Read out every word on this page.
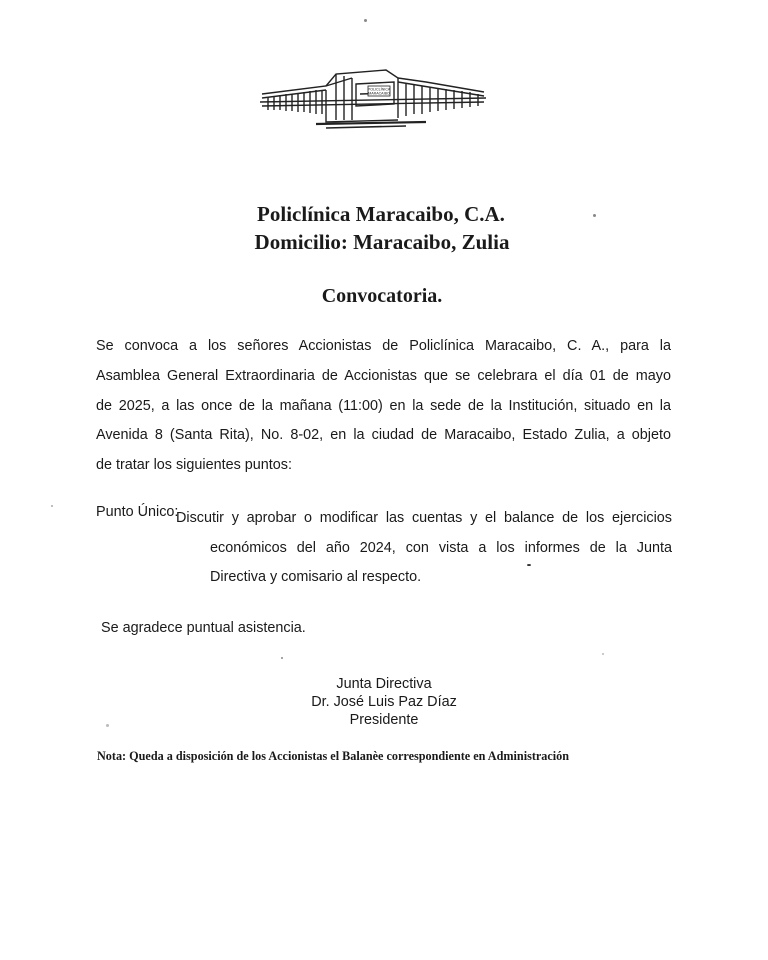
POLICLÍNICA
MARACAIBO
Policlínica Maracaibo, C.A.
Domicilio: Maracaibo, Zulia
Convocatoria.
Se convoca a los señores Accionistas de Policlínica Maracaibo, C. A., para la
Asamblea General Extraordinaria de Accionistas que se celebrara el día 01 de mayo
de 2025, a las once de la mañana (11:00) en la sede de la Institución, situado en la
Avenida 8 (Santa Rita), No. 8-02, en la ciudad de Maracaibo, Estado Zulia, a objeto
de tratar los siguientes puntos:
Punto Único:
Discutir y aprobar o modificar las cuentas y el balance de los ejercicios
económicos del año 2024, con vista a los informes de la Junta
Directiva y comisario al respecto.
Se agradece puntual asistencia.
Junta Directiva
Dr. José Luis Paz Díaz
Presidente
Nota: Queda a disposición de los Accionistas el Balanèe correspondiente en Administración
